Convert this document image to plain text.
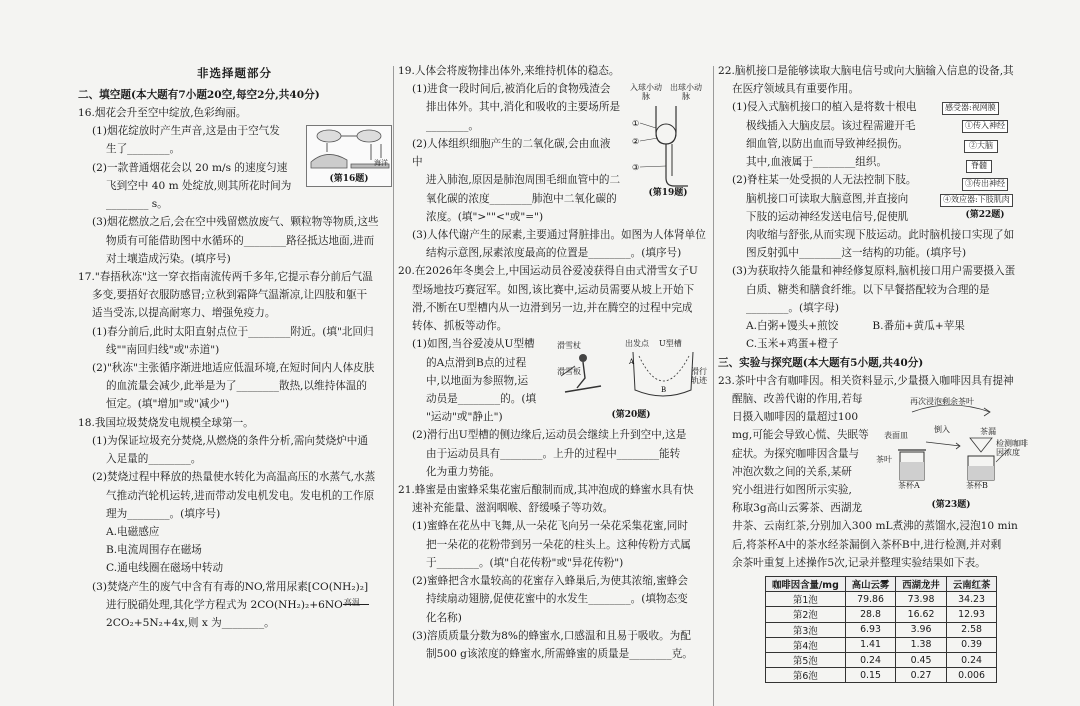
非选择题部分

二、填空题(本大题有7小题20空,每空2分,共40分)

16.烟花会升至空中绽放,色彩绚丽。

(1)烟花绽放时产生声音,这是由于空气发

生了________。

(2)一款普通烟花会以 20 m/s 的速度匀速

飞到空中 40 m 处绽放,则其所花时间为

________ s。

(3)烟花燃放之后,会在空中残留燃放废气、颗粒物等物质,这些

物质有可能借助图中水循环的________路径抵达地面,进而

对土壤造成污染。(填序号)

17."春捂秋冻"这一穿衣指南流传两千多年,它提示春分前后气温

多变,要捂好衣服防感冒;立秋到霜降气温渐凉,让四肢和躯干

适当受冻,以提高耐寒力、增强免疫力。

(1)春分前后,此时太阳直射点位于________附近。(填"北回归

线""南回归线"或"赤道")

(2)"秋冻"主张循序渐进地适应低温环境,在短时间内人体皮肤

的血流量会减少,此举是为了________散热,以维持体温的

恒定。(填"增加"或"减少")

18.我国垃圾焚烧发电规模全球第一。

(1)为保证垃圾充分焚烧,从燃烧的条件分析,需向焚烧炉中通

入足量的________。

(2)焚烧过程中释放的热量使水转化为高温高压的水蒸气,水蒸

气推动汽轮机运转,进而带动发电机发电。发电机的工作原

理为________。(填序号)

A.电磁感应

B.电流周围存在磁场

C.通电线圈在磁场中转动

(3)焚烧产生的废气中含有有毒的NO,常用尿素[CO(NH₂)₂]

进行脱硝处理,其化学方程式为 2CO(NH₂)₂+6NO 高温

2CO₂+5N₂+4x,则 x 为________。

海洋
(第16题)

19.人体会将废物排出体外,来维持机体的稳态。

(1)进食一段时间后,被消化后的食物残渣会

排出体外。其中,消化和吸收的主要场所是

________。

(2)人体组织细胞产生的二氧化碳,会由血液中

进入肺泡,原因是肺泡周围毛细血管中的二

氧化碳的浓度________肺泡中二氧化碳的

浓度。(填">""<"或"=")

(3)人体代谢产生的尿素,主要通过肾脏排出。如图为人体肾单位

结构示意图,尿素浓度最高的位置是________。(填序号)

20.在2026年冬奥会上,中国运动员谷爱凌获得自由式滑雪女子U

型场地技巧赛冠军。如图,该比赛中,运动员需要从坡上开始下

滑,不断在U型槽内从一边滑到另一边,并在腾空的过程中完成

转体、抓板等动作。

(1)如图,当谷爱凌从U型槽

的A点滑到B点的过程

中,以地面为参照物,运

动员是________的。(填

"运动"或"静止")

(2)滑行出U型槽的侧边缘后,运动员会继续上升到空中,这是

由于运动员具有________。上升的过程中________能转

化为重力势能。

21.蜂蜜是由蜜蜂采集花蜜后酿制而成,其冲泡成的蜂蜜水具有快

速补充能量、滋润咽喉、舒缓嗓子等功效。

(1)蜜蜂在花丛中飞舞,从一朵花飞向另一朵花采集花蜜,同时

把一朵花的花粉带到另一朵花的柱头上。这种传粉方式属

于________。(填"自花传粉"或"异花传粉")

(2)蜜蜂把含水量较高的花蜜存入蜂巢后,为使其浓缩,蜜蜂会

持续扇动翅膀,促使花蜜中的水发生________。(填物态变

化名称)

(3)溶质质量分数为8%的蜂蜜水,口感温和且易于吸收。为配

制500 g该浓度的蜂蜜水,所需蜂蜜的质量是________克。

入球小动脉
出球小动脉
①
②
③
(第19题)
A
B
滑雪杖
滑雪板
出发点 U型槽
滑行轨迹
(第20题)

22.脑机接口是能够读取大脑电信号或向大脑输入信息的设备,其

在医疗领域具有重要作用。

(1)侵入式脑机接口的植入是将数十根电

极线插入大脑皮层。该过程需避开毛

细血管,以防出血而导致神经损伤。

其中,血液属于________组织。

(2)脊柱某一处受损的人无法控制下肢。

脑机接口可读取大脑意图,并直接向

下肢的运动神经发送电信号,促使肌

肉收缩与舒张,从而实现下肢运动。此时脑机接口实现了如

图反射弧中________这一结构的功能。(填序号)

(3)为获取持久能量和神经修复原料,脑机接口用户需要摄入蛋

白质、糖类和膳食纤维。以下早餐搭配较为合理的是

________。(填字母)

A.白粥+馒头+煎饺	B.番茄+黄瓜+苹果

C.玉米+鸡蛋+橙子

三、实验与探究题(本大题有5小题,共40分)

23.茶叶中含有咖啡因。相关资料显示,少量摄入咖啡因具有提神

醒脑、改善代谢的作用,若每

日摄入咖啡因的量超过100

mg,可能会导致心慌、失眠等

症状。为探究咖啡因含量与

冲泡次数之间的关系,某研

究小组进行如图所示实验,

称取3g高山云雾茶、西湖龙

井茶、云南红茶,分别加入300 mL煮沸的蒸馏水,浸泡10 min

后,将茶杯A中的茶水经茶漏倒入茶杯B中,进行检测,并对剩

余茶叶重复上述操作5次,记录并整理实验结果如下表。

感受器:视网膜
①传入神经
②大脑
脊髓
③传出神经
④效应器:下肢肌肉
(第22题)
再次浸泡剩余茶叶
表面皿
倒入	茶漏
茶叶
茶杯A	茶杯B
检测咖啡因浓度
(第23题)
咖啡因含量/mg	高山云雾	西湖龙井	云南红茶
第1泡	79.86	73.98	34.23
第2泡	28.8	16.62	12.93
第3泡	6.93	3.96	2.58
第4泡	1.41	1.38	0.39
第5泡	0.24	0.45	0.24
第6泡	0.15	0.27	0.006
